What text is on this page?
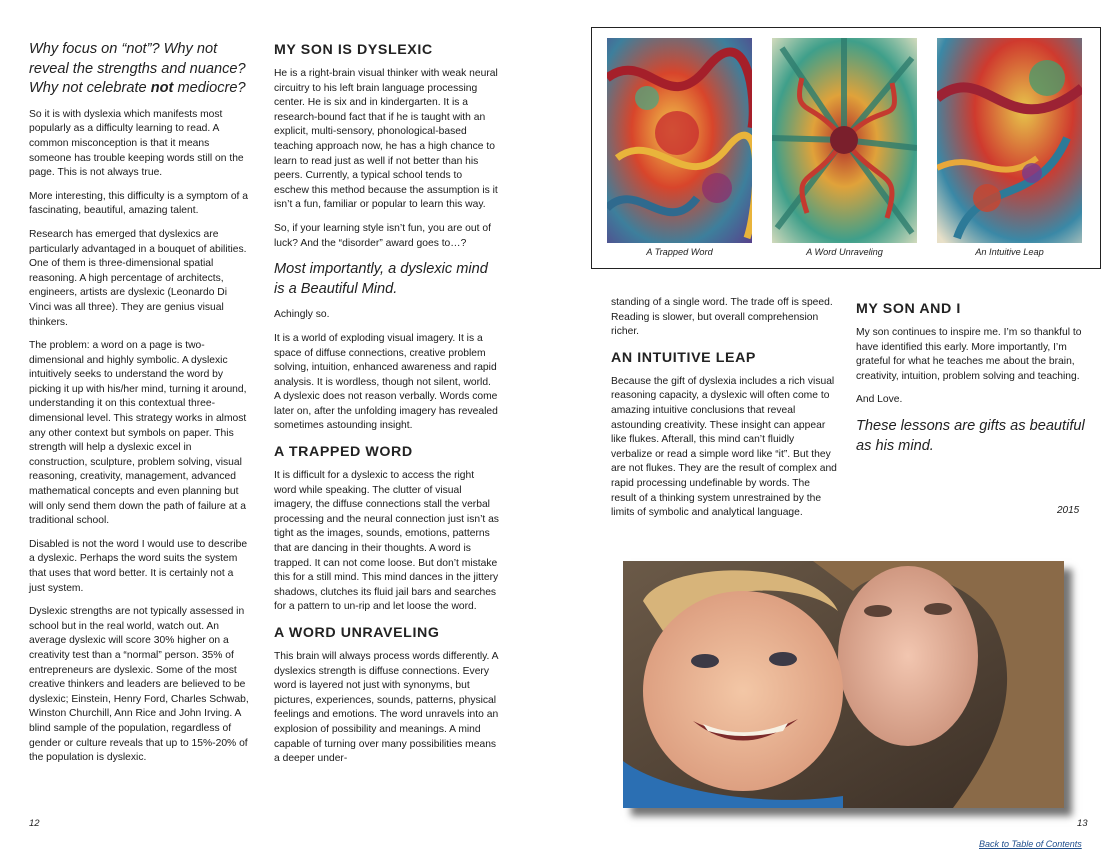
Why focus on “not”? Why not reveal the strengths and nuance? Why not celebrate not mediocre?

So it is with dyslexia which manifests most popularly as a difficulty learning to read. A common misconception is that it means someone has trouble keeping words still on the page. This is not always true.

More interesting, this difficulty is a symptom of a fascinating, beautiful, amazing talent.

Research has emerged that dyslexics are particularly advantaged in a bouquet of abilities. One of them is three-dimensional spatial reasoning. A high percentage of architects, engineers, artists are dyslexic (Leonardo Di Vinci was all three). They are genius visual thinkers.

The problem: a word on a page is two-dimensional and highly symbolic. A dyslexic intuitively seeks to understand the word by picking it up with his/her mind, turning it around, understanding it on this contextual three-dimensional level. This strategy works in almost any other context but symbols on paper. This strength will help a dyslexic excel in construction, sculpture, problem solving, visual reasoning, creativity, management, advanced mathematical concepts and even planning but will only send them down the path of failure at a traditional school.

Disabled is not the word I would use to describe a dyslexic. Perhaps the word suits the system that uses that word better. It is certainly not a just system.

Dyslexic strengths are not typically assessed in school but in the real world, watch out. An average dyslexic will score 30% higher on a creativity test than a “normal” person. 35% of entrepreneurs are dyslexic. Some of the most creative thinkers and leaders are believed to be dyslexic; Einstein, Henry Ford, Charles Schwab, Winston Churchill, Ann Rice and John Irving. A blind sample of the population, regardless of gender or culture reveals that up to 15%-20% of the population is dyslexic.

12
MY SON IS DYSLEXIC

He is a right-brain visual thinker with weak neural circuitry to his left brain language processing center. He is six and in kindergarten. It is a research-bound fact that if he is taught with an explicit, multi-sensory, phonological-based teaching approach now, he has a high chance to learn to read just as well if not better than his peers. Currently, a typical school tends to eschew this method because the assumption is it isn’t a fun, familiar or popular to learn this way.

So, if your learning style isn’t fun, you are out of luck? And the “disorder” award goes to…?

Most importantly, a dyslexic mind is a Beautiful Mind.

Achingly so.

It is a world of exploding visual imagery. It is a space of diffuse connections, creative problem solving, intuition, enhanced awareness and rapid analysis. It is wordless, though not silent, world. A dyslexic does not reason verbally. Words come later on, after the unfolding imagery has revealed sometimes astounding insight.

A TRAPPED WORD

It is difficult for a dyslexic to access the right word while speaking. The clutter of visual imagery, the diffuse connections stall the verbal processing and the neural connection just isn’t as tight as the images, sounds, emotions, patterns that are dancing in their thoughts. A word is trapped. It can not come loose. But don’t mistake this for a still mind. This mind dances in the jittery shadows, clutches its fluid jail bars and searches for a pattern to un-rip and let loose the word.

A WORD UNRAVELING

This brain will always process words differently. A dyslexics strength is diffuse connections. Every word is layered not just with synonyms, but pictures, experiences, sounds, patterns, physical feelings and emotions. The word unravels into an explosion of possibility and meanings. A mind capable of turning over many possibilities means a deeper under-

A Trapped Word	A Word Unraveling	An Intuitive Leap

standing of a single word. The trade off is speed. Reading is slower, but overall comprehension richer.

AN INTUITIVE LEAP

Because the gift of dyslexia includes a rich visual reasoning capacity, a dyslexic will often come to amazing intuitive conclusions that reveal astounding creativity. These insight can appear like flukes. Afterall, this mind can’t fluidly verbalize or read a simple word like “it”. But they are not flukes. They are the result of complex and rapid processing undefinable by words. The result of a thinking system unrestrained by the limits of symbolic and analytical language.

MY SON AND I

My son continues to inspire me. I’m so thankful to have identified this early. More importantly, I’m grateful for what he teaches me about the brain, creativity, intuition, problem solving and teaching.

And Love.

These lessons are gifts as beautiful as his mind.

2015
13
Back to Table of Contents
